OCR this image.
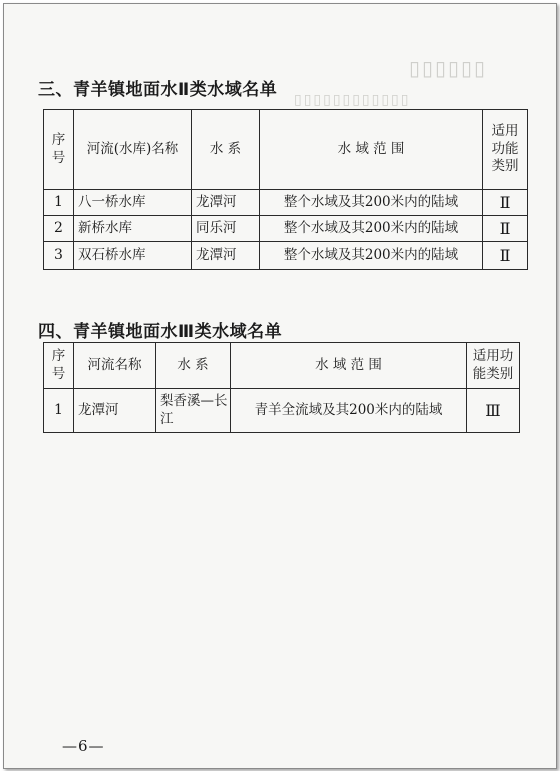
▯▯▯▯▯▯
▯▯▯▯▯▯▯▯▯▯▯▯
三、青羊镇地面水Ⅱ类水域名单
序号	河流(水库)名称	水 系	水 域 范 围	适用功能类别
1	八一桥水库	龙潭河	整个水域及其200米内的陆域	Ⅱ
2	新桥水库	同乐河	整个水域及其200米内的陆域	Ⅱ
3	双石桥水库	龙潭河	整个水域及其200米内的陆域	Ⅱ
四、青羊镇地面水Ⅲ类水域名单
序号	河流名称	水 系	水 域 范 围	适用功能类别
1	龙潭河	梨香溪—长江	青羊全流域及其200米内的陆域	Ⅲ
—6—
